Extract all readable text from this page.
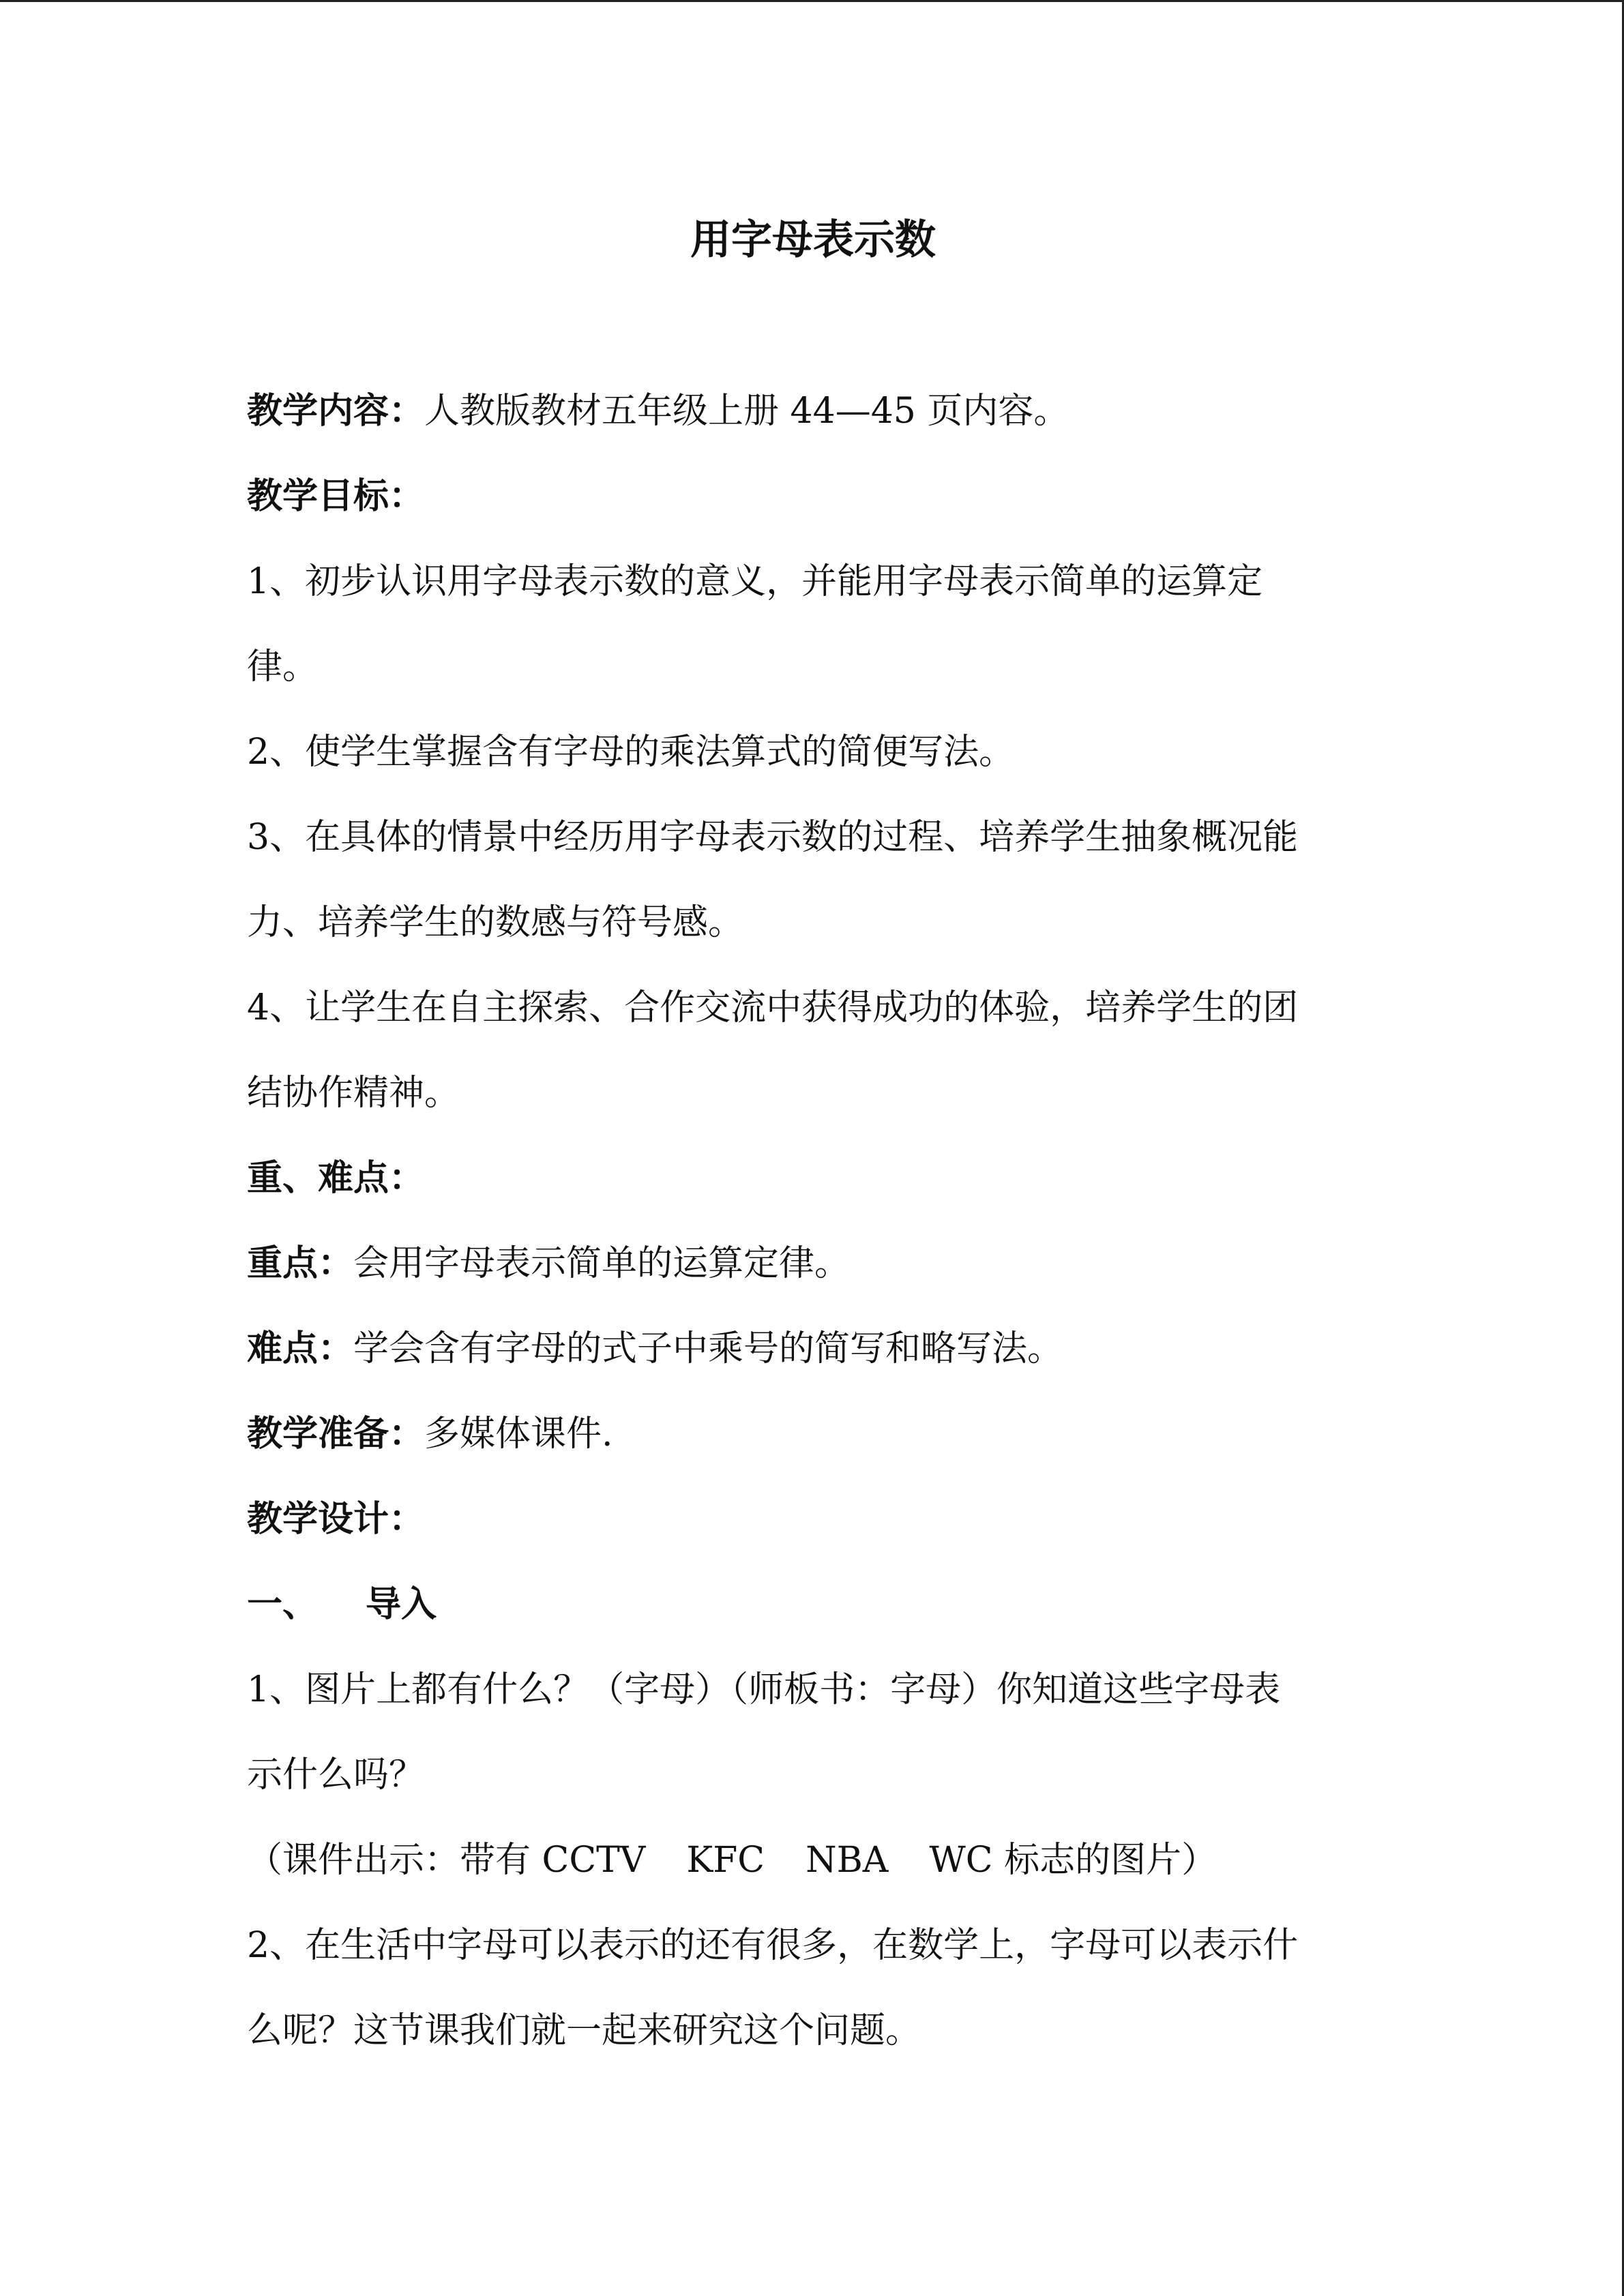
用字母表示数
教学内容：人教版教材五年级上册 44—45 页内容。
教学目标：
1、初步认识用字母表示数的意义，并能用字母表示简单的运算定
律。
2、使学生掌握含有字母的乘法算式的简便写法。
3、在具体的情景中经历用字母表示数的过程、培养学生抽象概况能
力、培养学生的数感与符号感。
4、让学生在自主探索、合作交流中获得成功的体验，培养学生的团
结协作精神。
重、难点：
重点：会用字母表示简单的运算定律。
难点：学会含有字母的式子中乘号的简写和略写法。
教学准备：多媒体课件.
教学设计：
一、 导入
1、图片上都有什么？（字母）（师板书：字母）你知道这些字母表
示什么吗？
（课件出示：带有 CCTV KFC NBA WC 标志的图片）
2、在生活中字母可以表示的还有很多，在数学上，字母可以表示什
么呢？这节课我们就一起来研究这个问题。
